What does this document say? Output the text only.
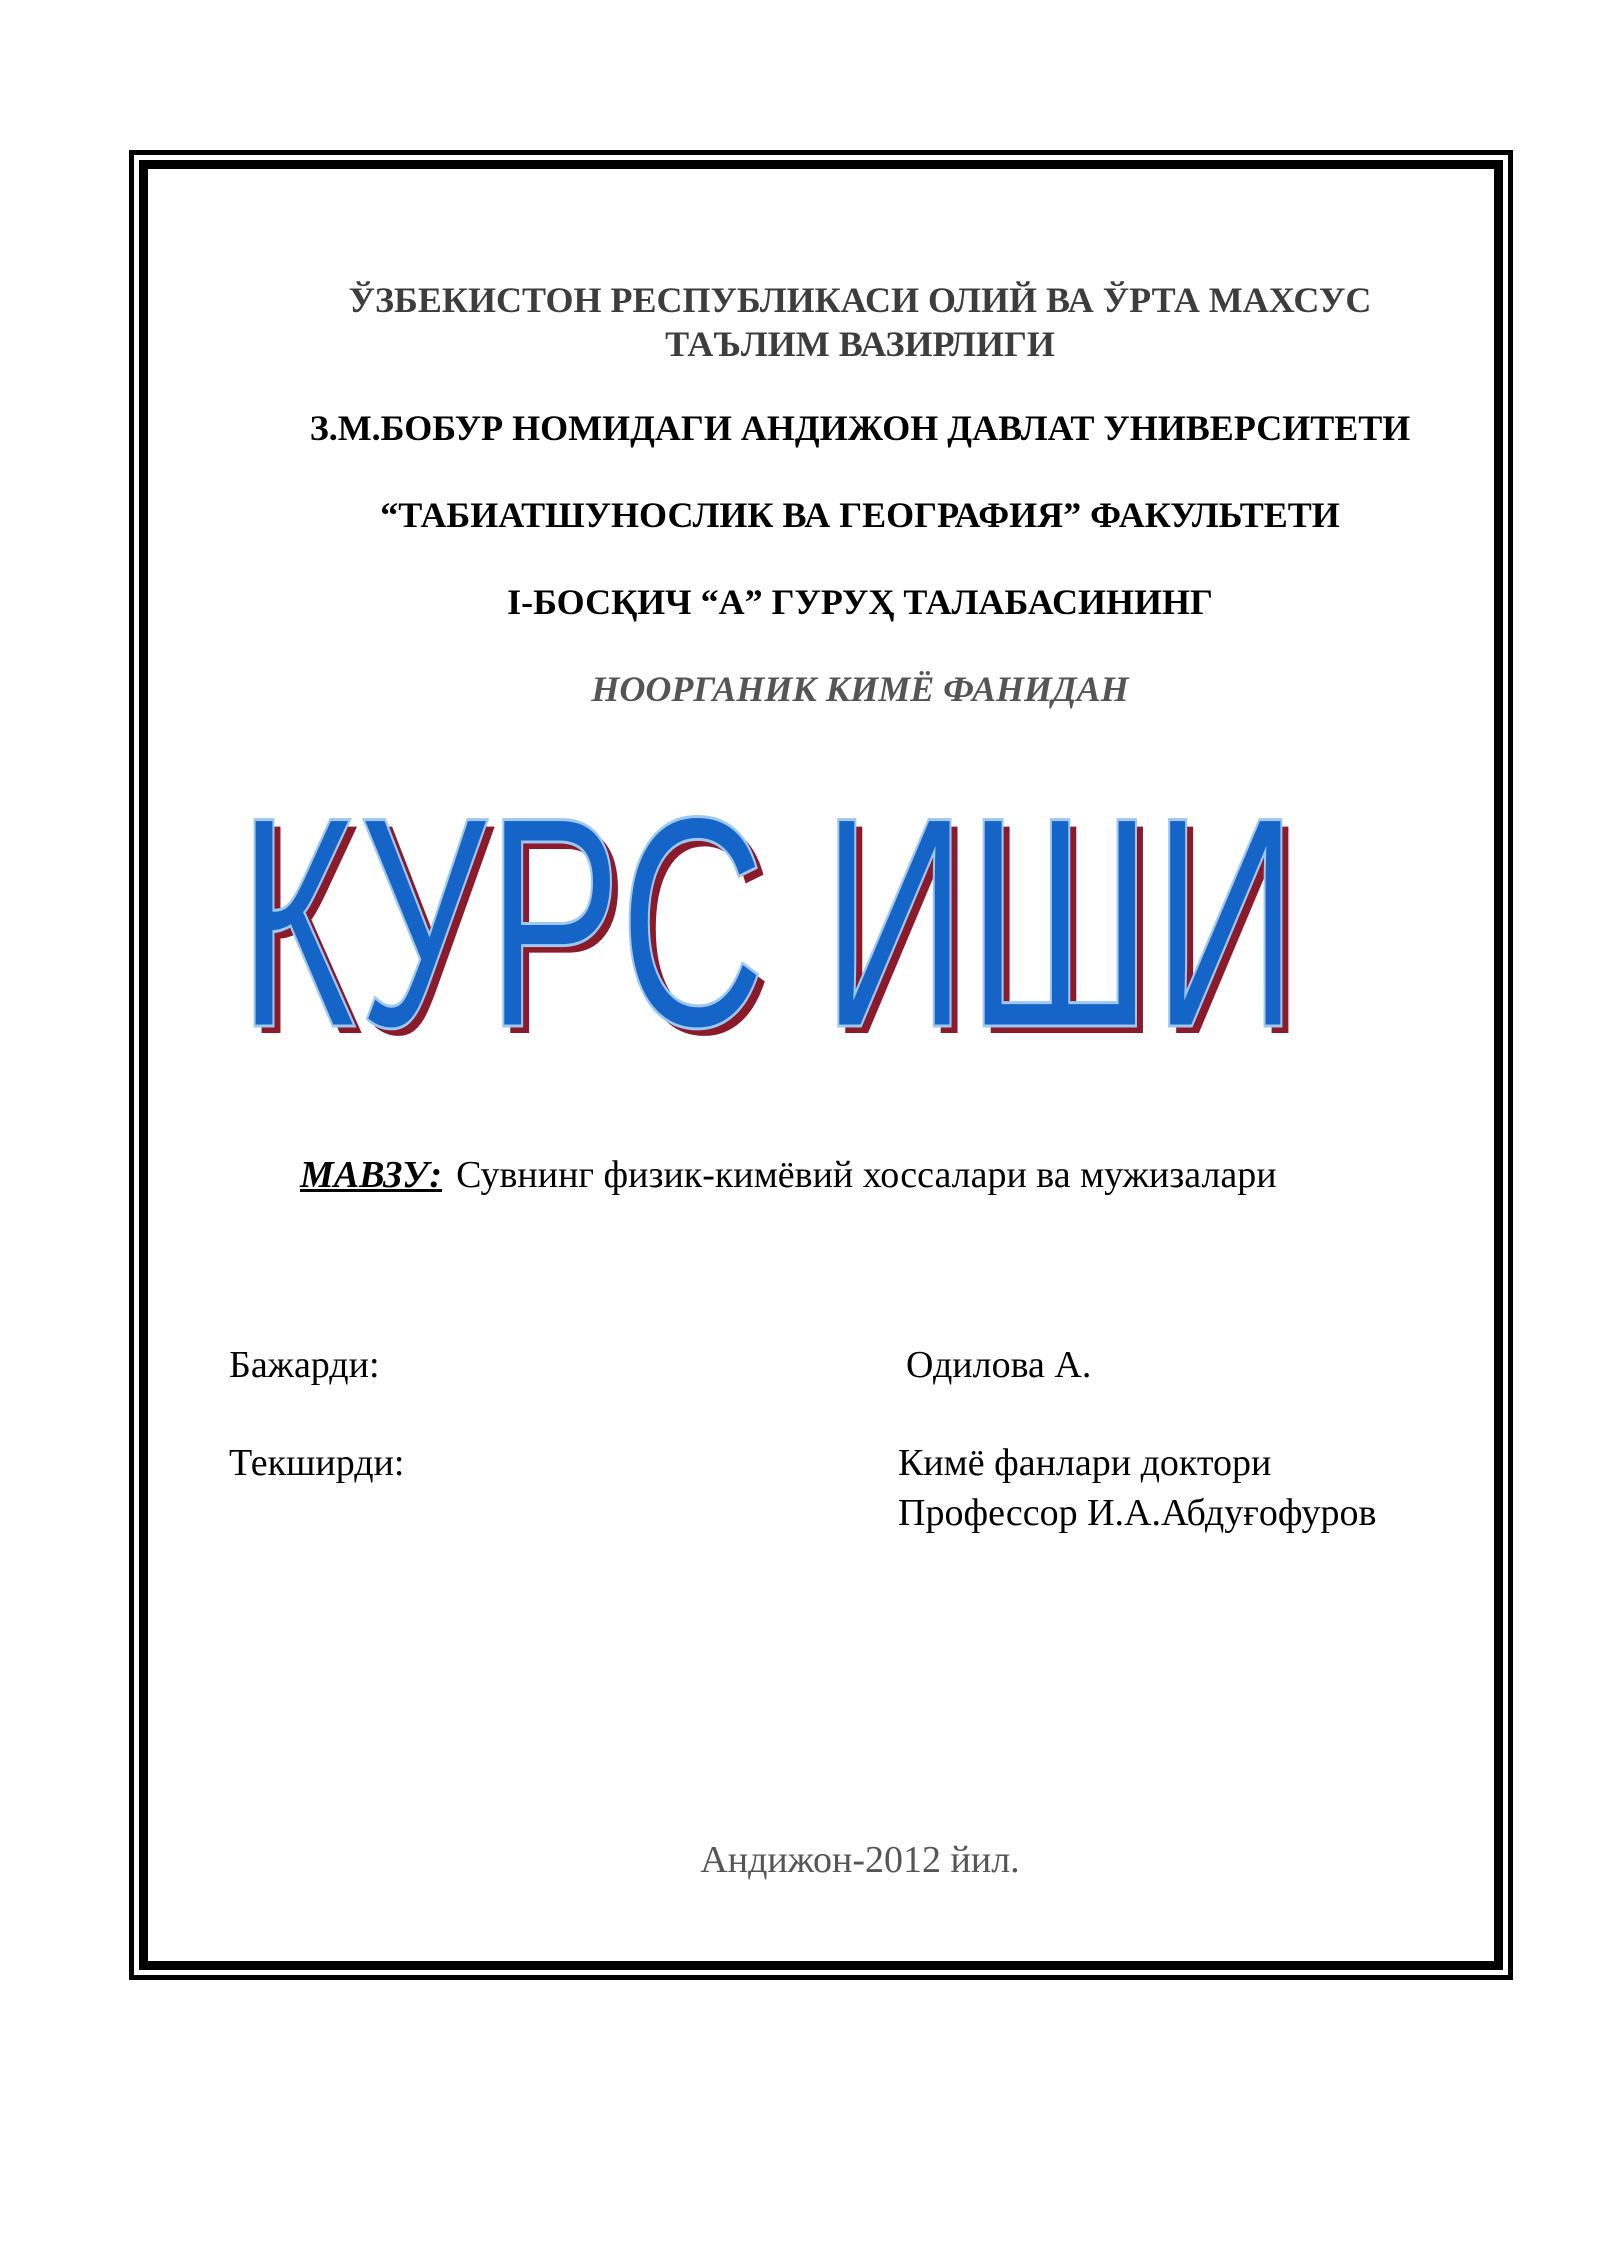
ЎЗБЕКИСТОН РЕСПУБЛИКАСИ ОЛИЙ ВА ЎРТА МАХСУС
ТАЪЛИМ ВАЗИРЛИГИ
З.М.БОБУР НОМИДАГИ АНДИЖОН ДАВЛАТ УНИВЕРСИТЕТИ
“ТАБИАТШУНОСЛИК ВА ГЕОГРАФИЯ” ФАКУЛЬТЕТИ
I-БОСҚИЧ “А” ГУРУҲ ТАЛАБАСИНИНГ
НООРГАНИК КИМЁ ФАНИДАН
КУРС ИШИ
КУРС ИШИ
МАВЗУ: Сувнинг физик-кимёвий хоссалари ва мужизалари
Бажарди:	Одилова А.
Текширди:	Кимё фанлари доктори
Профессор И.А.Абдуғофуров
Андижон-2012 йил.
